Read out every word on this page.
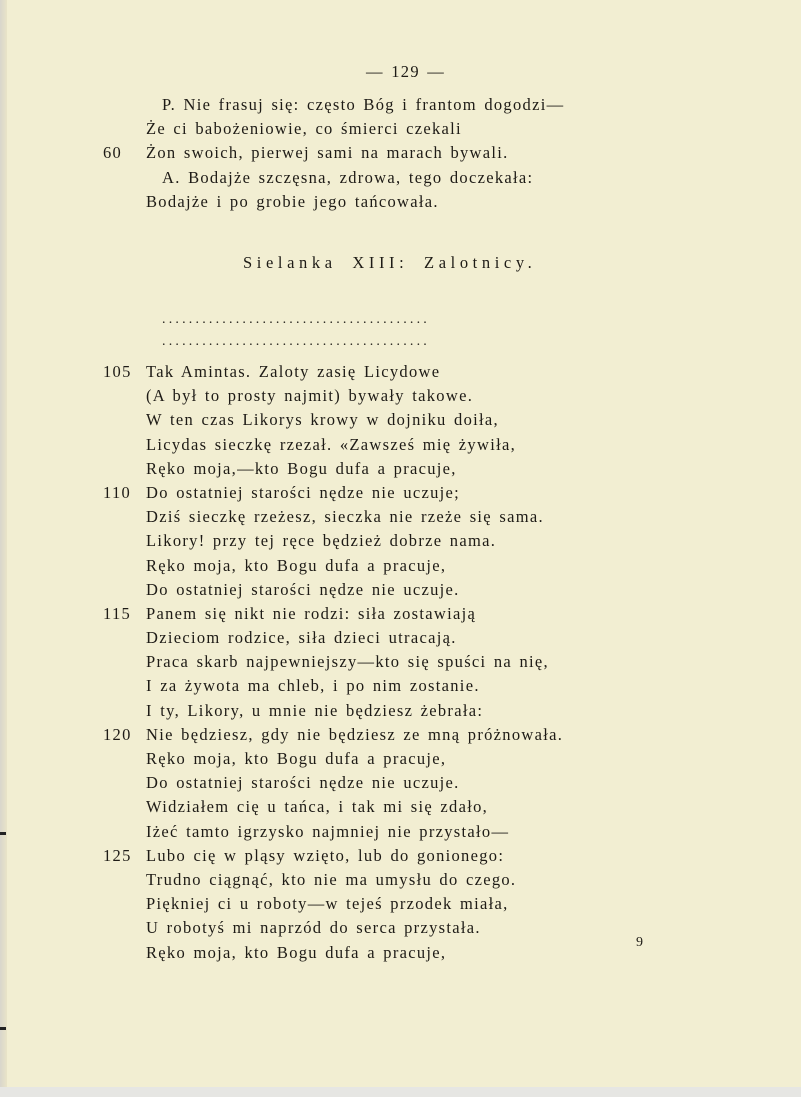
— 129 —
P. Nie frasuj się: często Bóg i frantom dogodzi—
Że ci babożeniowie, co śmierci czekali
60	Żon swoich, pierwej sami na marach bywali.
A. Bodajże szczęsna, zdrowa, tego doczekała:
Bodajże i po grobie jego tańcowała.
Sielanka XIII: Zalotnicy.
........................................
........................................
105 Tak Amintas. Zaloty zasię Licydowe
(A był to prosty najmit) bywały takowe.
W ten czas Likorys krowy w dojniku doiła,
Licydas sieczkę rzezał. «Zawsześ mię żywiła,
Ręko moja,—kto Bogu dufa a pracuje,
110 Do ostatniej starości nędze nie uczuje;
Dziś sieczkę rzeżesz, sieczka nie rzeże się sama.
Likory! przy tej ręce będzież dobrze nama.
Ręko moja, kto Bogu dufa a pracuje,
Do ostatniej starości nędze nie uczuje.
115 Panem się nikt nie rodzi: siła zostawiają
Dzieciom rodzice, siła dzieci utracają.
Praca skarb najpewniejszy—kto się spuści na nię,
I za żywota ma chleb, i po nim zostanie.
I ty, Likory, u mnie nie będziesz żebrała:
120 Nie będziesz, gdy nie będziesz ze mną próżnowała.
Ręko moja, kto Bogu dufa a pracuje,
Do ostatniej starości nędze nie uczuje.
Widziałem cię u tańca, i tak mi się zdało,
Iżeć tamto igrzysko najmniej nie przystało—
125 Lubo cię w pląsy wzięto, lub do gonionego:
Trudno ciągnąć, kto nie ma umysłu do czego.
Piękniej ci u roboty—w tejeś przodek miała,
U robotyś mi naprzód do serca przystała.
Ręko moja, kto Bogu dufa a pracuje,	9
